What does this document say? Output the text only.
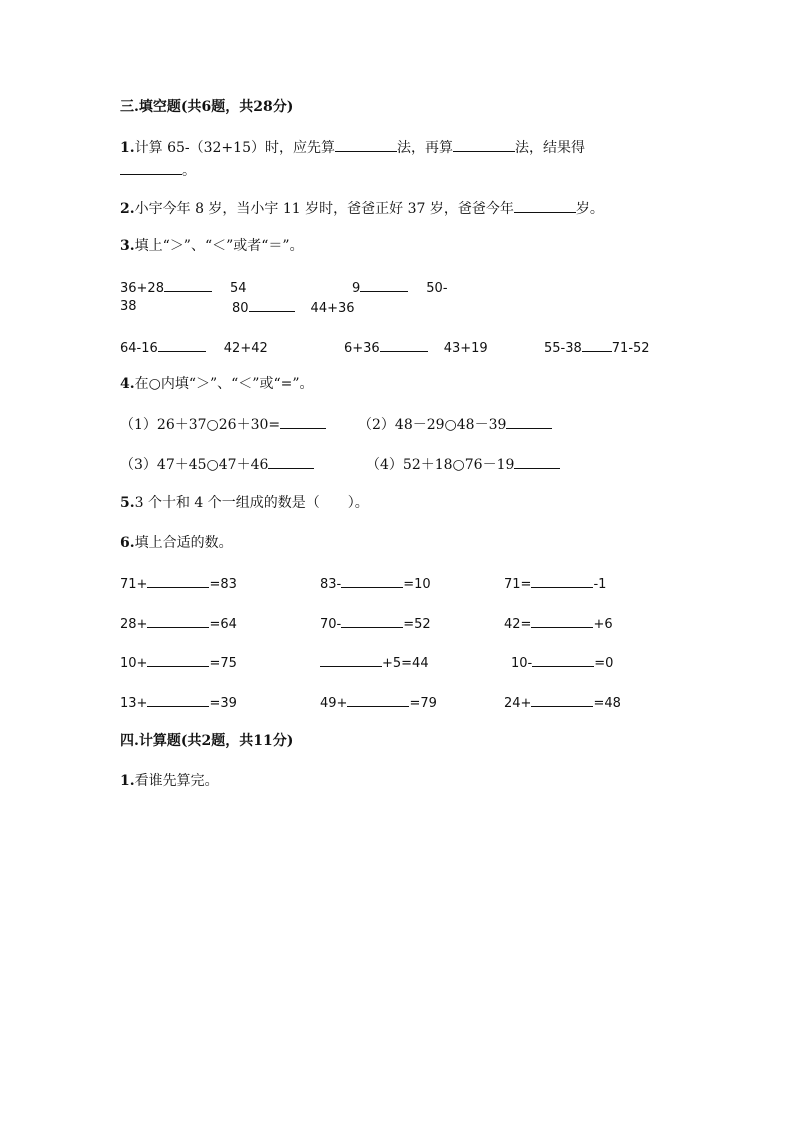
三.填空题(共6题，共28分)
1.计算 65-（32+15）时，应先算	法，再算	法，结果得
。
2.小宇今年 8 岁，当小宇 11 岁时，爸爸正好 37 岁，爸爸今年	岁。
3.填上“＞”、“＜”或者“＝”。
36+28	54	9	50-
38	80	44+36
64-16	42+42	6+36	43+19	55-38 71-52
4.在○内填“＞”、“＜”或“=”。
（1）26＋37○26＋30=	（2）48－29○48－39
（3）47＋45○47＋46	（4）52＋18○76－19
5.3 个十和 4 个一组成的数是（　　）。
6.填上合适的数。
71+	=83	83-	=10	71=	-1
28+	=64	70-	=52	42=	+6
10+	=75	+5=44	10-	=0
13+	=39	49+	=79	24+	=48
四.计算题(共2题，共11分)
1.看谁先算完。
